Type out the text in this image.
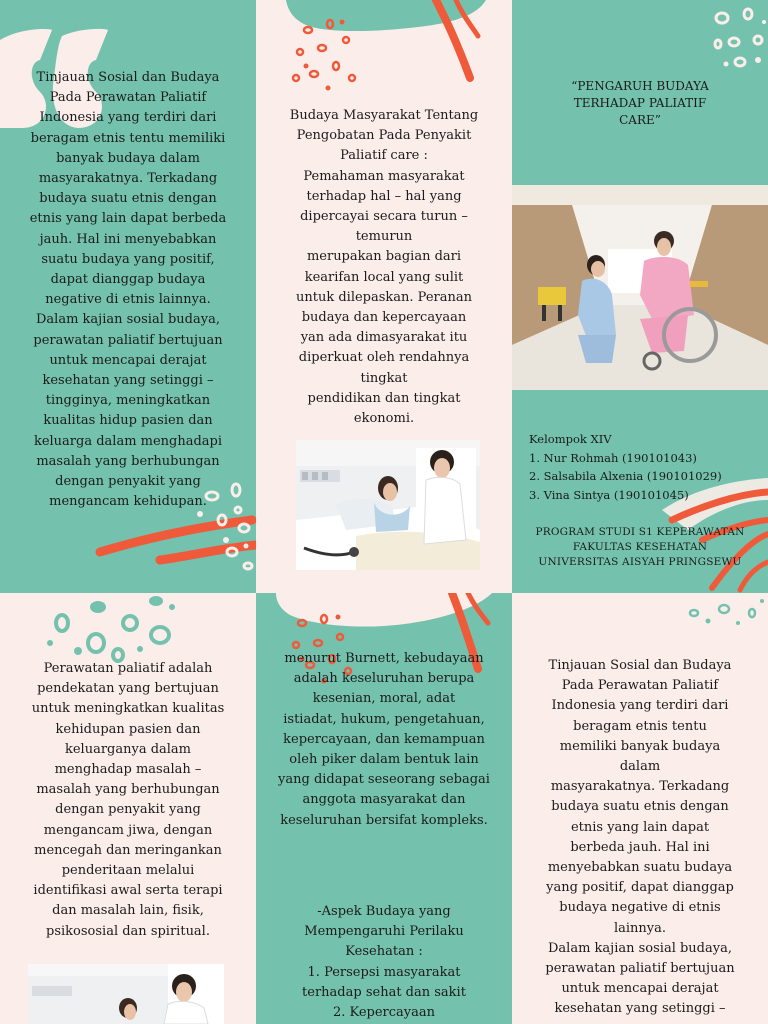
Tinjauan Sosial dan Budaya
Pada Perawatan Paliatif
Indonesia yang terdiri dari
beragam etnis tentu memiliki
banyak budaya dalam
masyarakatnya. Terkadang
budaya suatu etnis dengan
etnis yang lain dapat berbeda
jauh. Hal ini menyebabkan
suatu budaya yang positif,
dapat dianggap budaya
negative di etnis lainnya.
Dalam kajian sosial budaya,
perawatan paliatif bertujuan
untuk mencapai derajat
kesehatan yang setinggi –
tingginya, meningkatkan
kualitas hidup pasien dan
keluarga dalam menghadapi
masalah yang berhubungan
dengan penyakit yang
mengancam kehidupan.
Budaya Masyarakat Tentang
Pengobatan Pada Penyakit
Paliatif care :
Pemahaman masyarakat
terhadap hal – hal yang
dipercayai secara turun –
temurun
merupakan bagian dari
kearifan local yang sulit
untuk dilepaskan. Peranan
budaya dan kepercayaan
yan ada dimasyarakat itu
diperkuat oleh rendahnya
tingkat
pendidikan dan tingkat
ekonomi.
“PENGARUH BUDAYA
TERHADAP PALIATIF
CARE”
Kelompok XIV
1. Nur Rohmah (190101043)
2. Salsabila Alxenia (190101029)
3. Vina Sintya (190101045)
PROGRAM STUDI S1 KEPERAWATAN
FAKULTAS KESEHATAN
UNIVERSITAS AISYAH PRINGSEWU
Perawatan paliatif adalah
pendekatan yang bertujuan
untuk meningkatkan kualitas
kehidupan pasien dan
keluarganya dalam
menghadap masalah –
masalah yang berhubungan
dengan penyakit yang
mengancam jiwa, dengan
mencegah dan meringankan
penderitaan melalui
identifikasi awal serta terapi
dan masalah lain, fisik,
psikososial dan spiritual.
menurut Burnett, kebudayaan
adalah keseluruhan berupa
kesenian, moral, adat
istiadat, hukum, pengetahuan,
kepercayaan, dan kemampuan
oleh piker dalam bentuk lain
yang didapat seseorang sebagai
anggota masyarakat dan
keseluruhan bersifat kompleks.
-Aspek Budaya yang
Mempengaruhi Perilaku
Kesehatan :
1. Persepsi masyarakat
terhadap sehat dan sakit
2. Kepercayaan
Tinjauan Sosial dan Budaya
Pada Perawatan Paliatif
Indonesia yang terdiri dari
beragam etnis tentu
memiliki banyak budaya
dalam
masyarakatnya. Terkadang
budaya suatu etnis dengan
etnis yang lain dapat
berbeda jauh. Hal ini
menyebabkan suatu budaya
yang positif, dapat dianggap
budaya negative di etnis
lainnya.
Dalam kajian sosial budaya,
perawatan paliatif bertujuan
untuk mencapai derajat
kesehatan yang setinggi –
